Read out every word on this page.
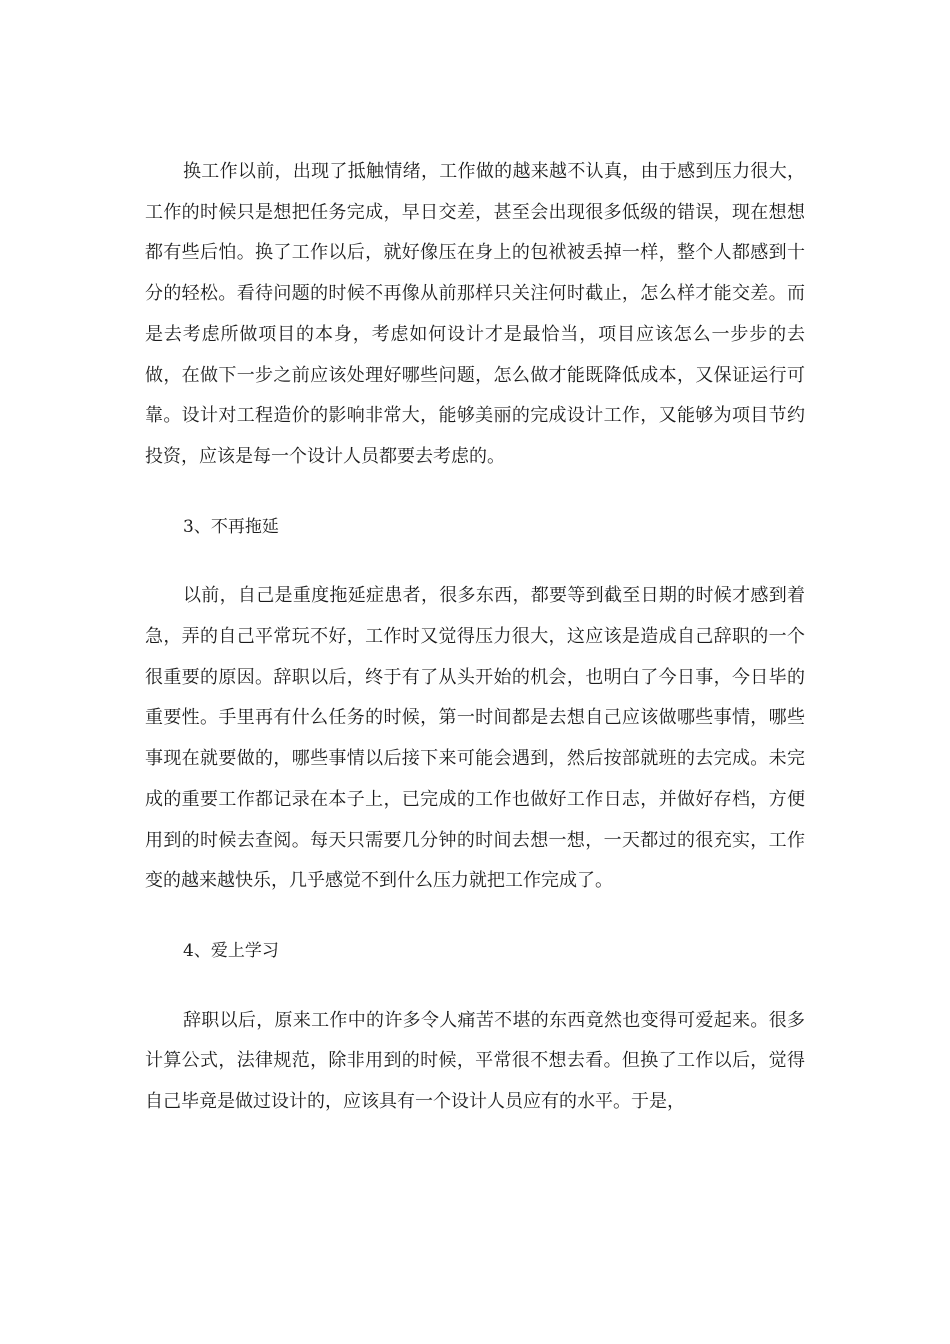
换工作以前，出现了抵触情绪，工作做的越来越不认真，由于感到压力很大，工作的时候只是想把任务完成，早日交差，甚至会出现很多低级的错误，现在想想都有些后怕。换了工作以后，就好像压在身上的包袱被丢掉一样，整个人都感到十分的轻松。看待问题的时候不再像从前那样只关注何时截止，怎么样才能交差。而是去考虑所做项目的本身，考虑如何设计才是最恰当，项目应该怎么一步步的去做，在做下一步之前应该处理好哪些问题，怎么做才能既降低成本，又保证运行可靠。设计对工程造价的影响非常大，能够美丽的完成设计工作，又能够为项目节约投资，应该是每一个设计人员都要去考虑的。

3、不再拖延

以前，自己是重度拖延症患者，很多东西，都要等到截至日期的时候才感到着急，弄的自己平常玩不好，工作时又觉得压力很大，这应该是造成自己辞职的一个很重要的原因。辞职以后，终于有了从头开始的机会，也明白了今日事，今日毕的重要性。手里再有什么任务的时候，第一时间都是去想自己应该做哪些事情，哪些事现在就要做的，哪些事情以后接下来可能会遇到，然后按部就班的去完成。未完成的重要工作都记录在本子上，已完成的工作也做好工作日志，并做好存档，方便用到的时候去查阅。每天只需要几分钟的时间去想一想，一天都过的很充实，工作变的越来越快乐，几乎感觉不到什么压力就把工作完成了。

4、爱上学习

辞职以后，原来工作中的许多令人痛苦不堪的东西竟然也变得可爱起来。很多计算公式，法律规范，除非用到的时候，平常很不想去看。但换了工作以后，觉得自己毕竟是做过设计的，应该具有一个设计人员应有的水平。于是，
